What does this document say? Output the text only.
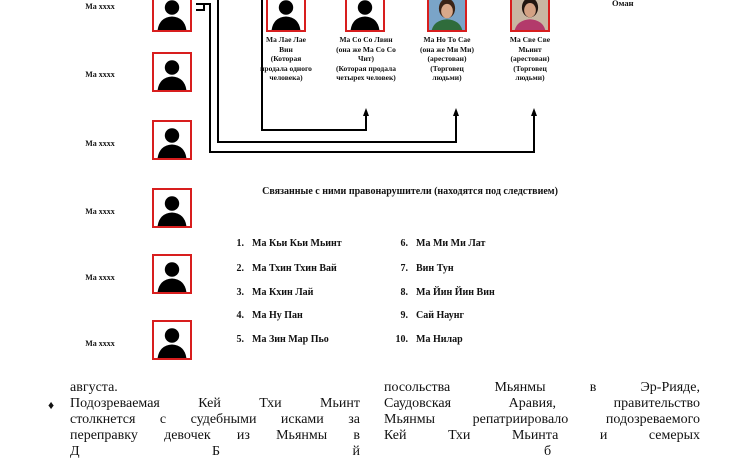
Ма хxxx
Ма хxxx
Ма хxxx
Ма хxxx
Ма хxxx
Ма хxxx
Оман
Ма Лае Лае
Вин
(Которая
продала одного
человека)
Ма Со Со Лвин
(она же Ма Со Со
Чит)
(Которая продала
четырех человек)
Ма Но То Сае
(она же Ми Ми)
(арестован)
(Торговец
людьми)
Ма Све Све
Мьинт
(арестован)
(Торговец
людьми)
Связанные с ними правонарушители (находятся под следствием)
1. Ма Кьи Кьи Мьинт
2. Ма Тхин Тхин Вай
3. Ма Кхин Лай
4. Ма Ну Пан
5. Ма Зин Мар Пьо
6. Ма Ми Ми Лат
7. Вин Тун
8. Ма Йин Йин Вин
9. Сай Наунг
10. Ма Нилар
августа.
Подозреваемая Кей Тхи Мьинт
столкнется с судебными исками за
переправку девочек из Мьянмы в
Д Б й
♦
посольства Мьянмы в Эр-Рияде,
Саудовская Аравия, правительство
Мьянмы репатриировало подозреваемого
Кей Тхи Мьинта и семерых
б
